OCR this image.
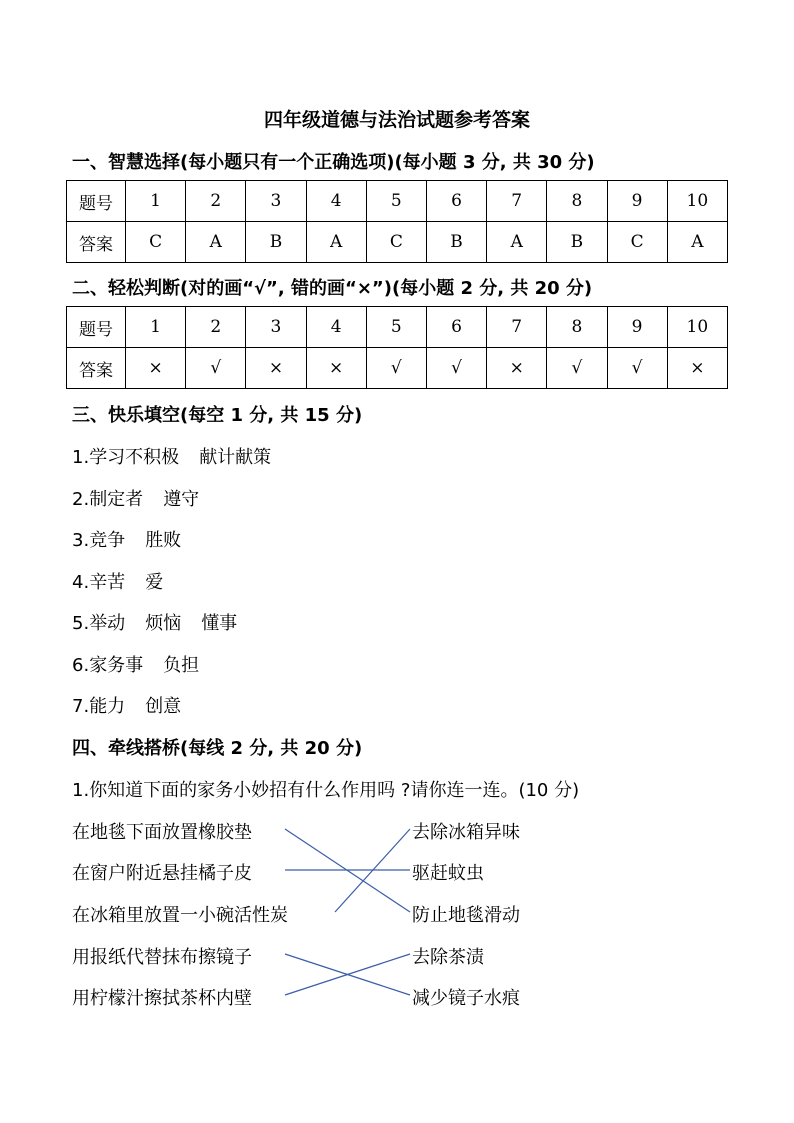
四年级道德与法治试题参考答案
一、智慧选择(每小题只有一个正确选项)(每小题 3 分, 共 30 分)
题号	1	2	3	4	5	6	7	8	9	10
答案	C	A	B	A	C	B	A	B	C	A
二、轻松判断(对的画“√”, 错的画“×”)(每小题 2 分, 共 20 分)
题号	1	2	3	4	5	6	7	8	9	10
答案	×	√	×	×	√	√	×	√	√	×
三、快乐填空(每空 1 分, 共 15 分)
1.学习不积极 献计献策
2.制定者 遵守
3.竞争 胜败
4.辛苦 爱
5.举动 烦恼 懂事
6.家务事 负担
7.能力 创意
四、牵线搭桥(每线 2 分, 共 20 分)
1.你知道下面的家务小妙招有什么作用吗 ?请你连一连。(10 分)
在地毯下面放置橡胶垫
在窗户附近悬挂橘子皮
在冰箱里放置一小碗活性炭
用报纸代替抹布擦镜子
用柠檬汁擦拭茶杯内壁
去除冰箱异味
驱赶蚊虫
防止地毯滑动
去除茶渍
减少镜子水痕
